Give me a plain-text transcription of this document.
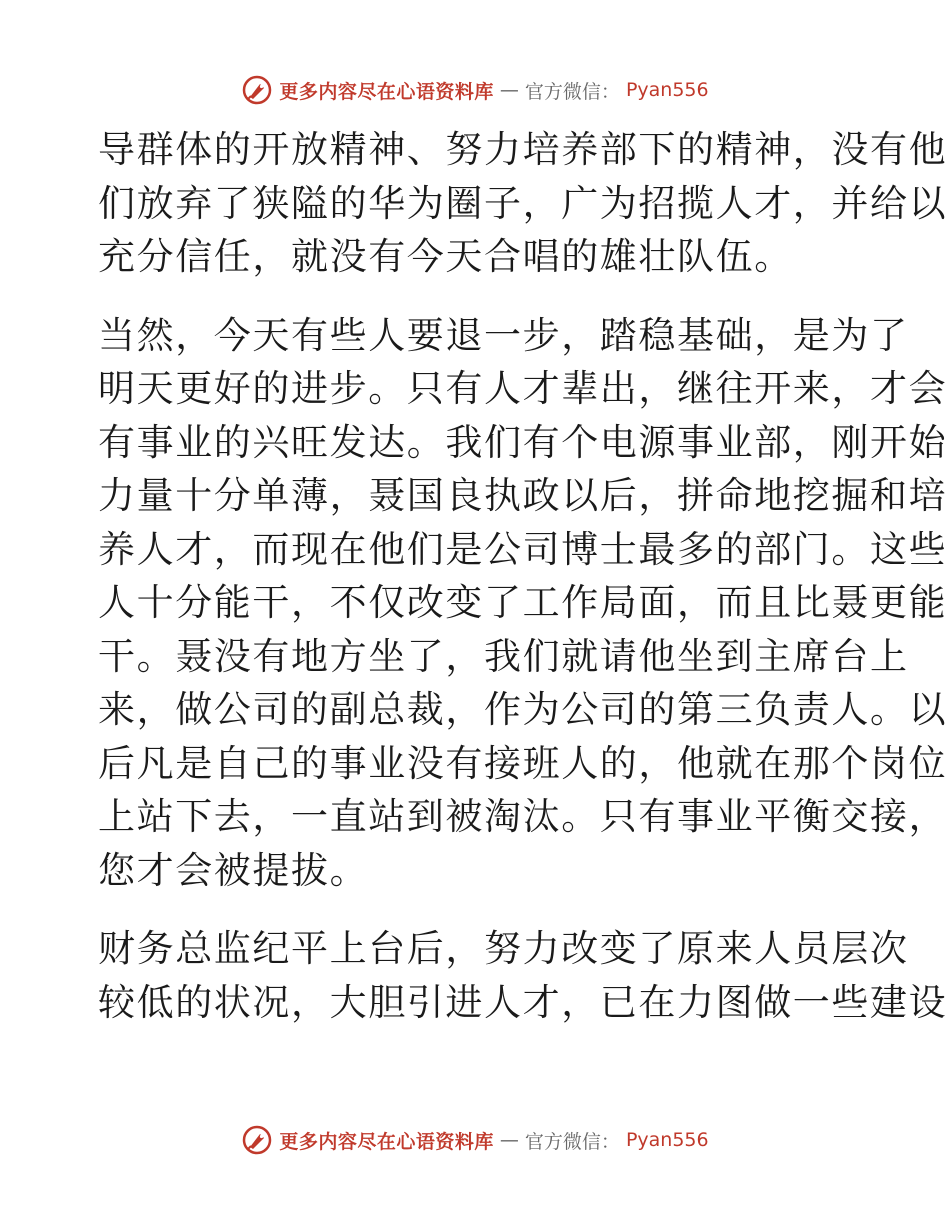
更多内容尽在心语资料库 — 官方微信： Pyan556

导群体的开放精神、努力培养部下的精神，没有他
们放弃了狭隘的华为圈子，广为招揽人才，并给以
充分信任，就没有今天合唱的雄壮队伍。

当然，今天有些人要退一步，踏稳基础，是为了
明天更好的进步。只有人才辈出，继往开来，才会
有事业的兴旺发达。我们有个电源事业部，刚开始
力量十分单薄，聂国良执政以后，拼命地挖掘和培
养人才，而现在他们是公司博士最多的部门。这些
人十分能干，不仅改变了工作局面，而且比聂更能
干。聂没有地方坐了，我们就请他坐到主席台上
来，做公司的副总裁，作为公司的第三负责人。以
后凡是自己的事业没有接班人的，他就在那个岗位
上站下去，一直站到被淘汰。只有事业平衡交接，
您才会被提拔。

财务总监纪平上台后，努力改变了原来人员层次
较低的状况，大胆引进人才，已在力图做一些建设

更多内容尽在心语资料库 — 官方微信： Pyan556
